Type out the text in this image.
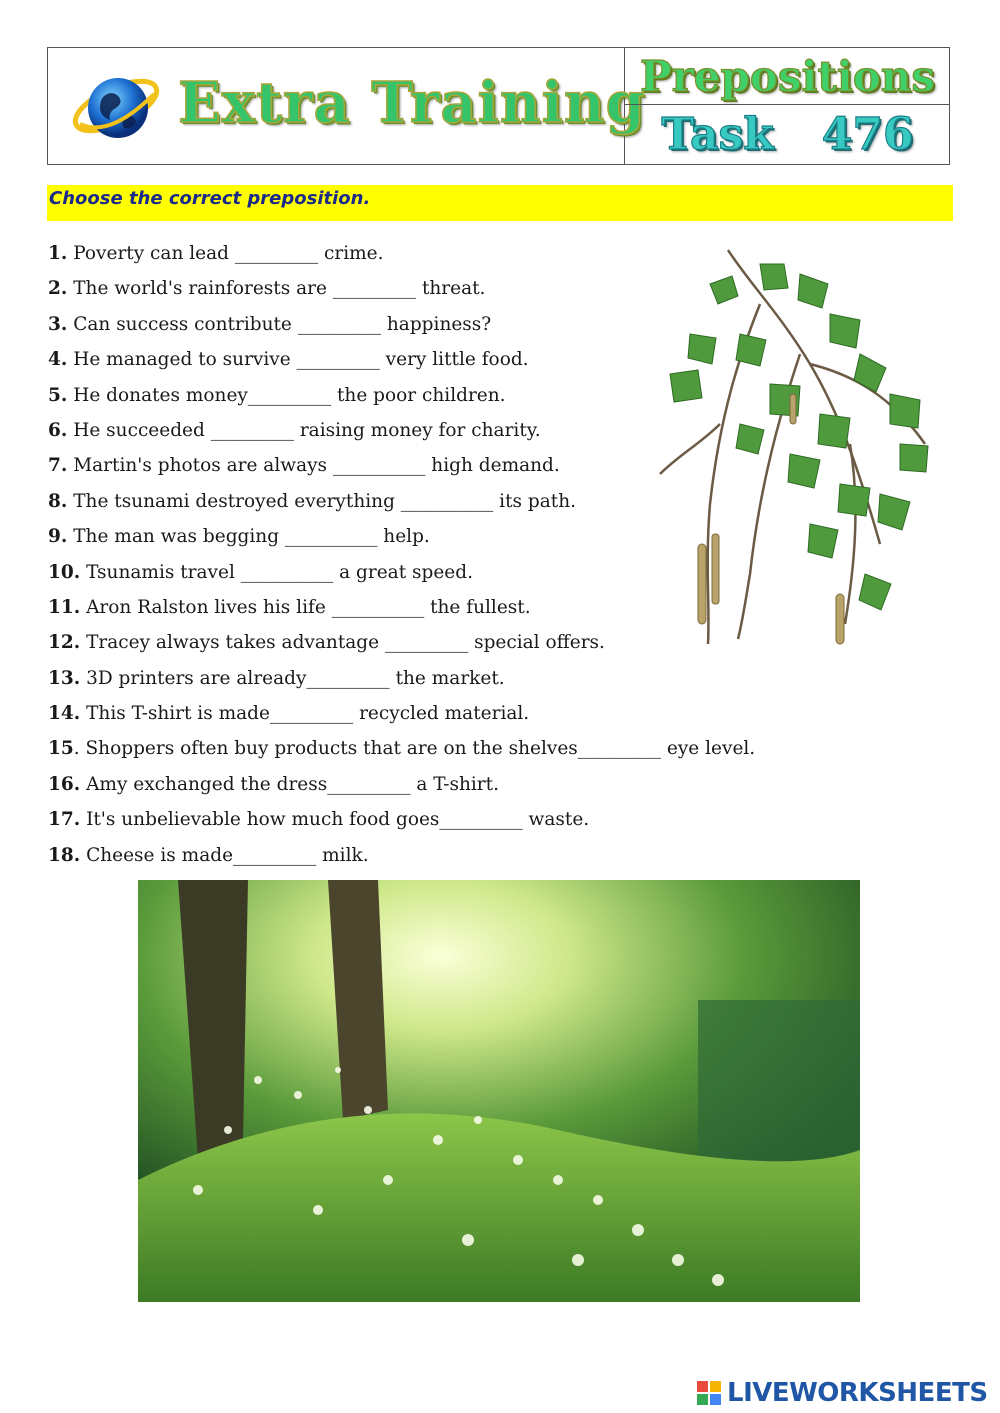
Extra Training
Prepositions
Task 476
Choose the correct preposition.
1. Poverty can lead _________ crime.
2. The world's rainforests are _________ threat.
3. Can success contribute _________ happiness?
4. He managed to survive _________ very little food.
5. He donates money_________ the poor children.
6. He succeeded _________ raising money for charity.
7. Martin's photos are always __________ high demand.
8. The tsunami destroyed everything __________ its path.
9. The man was begging __________ help.
10. Tsunamis travel __________ a great speed.
11. Aron Ralston lives his life __________ the fullest.
12. Tracey always takes advantage _________ special offers.
13. 3D printers are already_________ the market.
14. This T-shirt is made_________ recycled material.
15. Shoppers often buy products that are on the shelves_________ eye level.
16. Amy exchanged the dress_________ a T-shirt.
17. It's unbelievable how much food goes_________ waste.
18. Cheese is made_________ milk.
LIVEWORKSHEETS
